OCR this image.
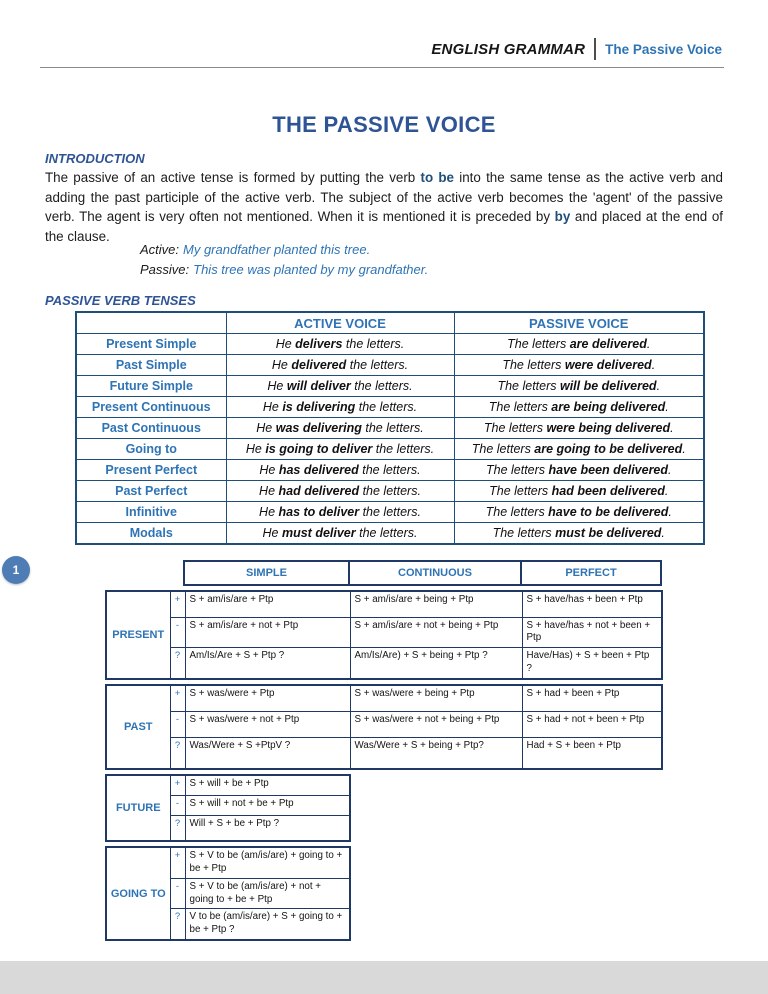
ENGLISH GRAMMAR The Passive Voice
THE PASSIVE VOICE
INTRODUCTION

The passive of an active tense is formed by putting the verb to be into the same tense as the active verb and adding the past participle of the active verb. The subject of the active verb becomes the 'agent' of the passive verb. The agent is very often not mentioned. When it is mentioned it is preceded by by and placed at the end of the clause.

Active: My grandfather planted this tree.
Passive: This tree was planted by my grandfather.
PASSIVE VERB TENSES
	ACTIVE VOICE	PASSIVE VOICE
Present Simple	He delivers the letters.	The letters are delivered.
Past Simple	He delivered the letters.	The letters were delivered.
Future Simple	He will deliver the letters.	The letters will be delivered.
Present Continuous	He is delivering the letters.	The letters are being delivered.
Past Continuous	He was delivering the letters.	The letters were being delivered.
Going to	He is going to deliver the letters.	The letters are going to be delivered.
Present Perfect	He has delivered the letters.	The letters have been delivered.
Past Perfect	He had delivered the letters.	The letters had been delivered.
Infinitive	He has to deliver the letters.	The letters have to be delivered.
Modals	He must deliver the letters.	The letters must be delivered.
1
		SIMPLE	CONTINUOUS	PERFECT
PRESENT	+	S + am/is/are + Ptp	S + am/is/are + being + Ptp	S + have/has + been + Ptp
	-	S + am/is/are + not + Ptp	S + am/is/are + not + being + Ptp	S + have/has + not + been + Ptp
	?	Am/Is/Are + S + Ptp ?	Am/Is/Are) + S + being + Ptp ?	Have/Has) + S + been + Ptp ?
PAST	+	S + was/were + Ptp	S + was/were + being + Ptp	S + had + been + Ptp
	-	S + was/were + not + Ptp	S + was/were + not + being + Ptp	S + had + not + been + Ptp
	?	Was/Were + S +PtpV ?	Was/Were + S + being + Ptp?	Had + S + been + Ptp
FUTURE	+	S + will + be + Ptp
	-	S + will + not + be + Ptp
	?	Will + S + be + Ptp ?
GOING TO	+	S + V to be (am/is/are) + going to + be + Ptp
	-	S + V to be (am/is/are) + not + going to + be + Ptp
	?	V to be (am/is/are) + S + going to + be + Ptp ?
